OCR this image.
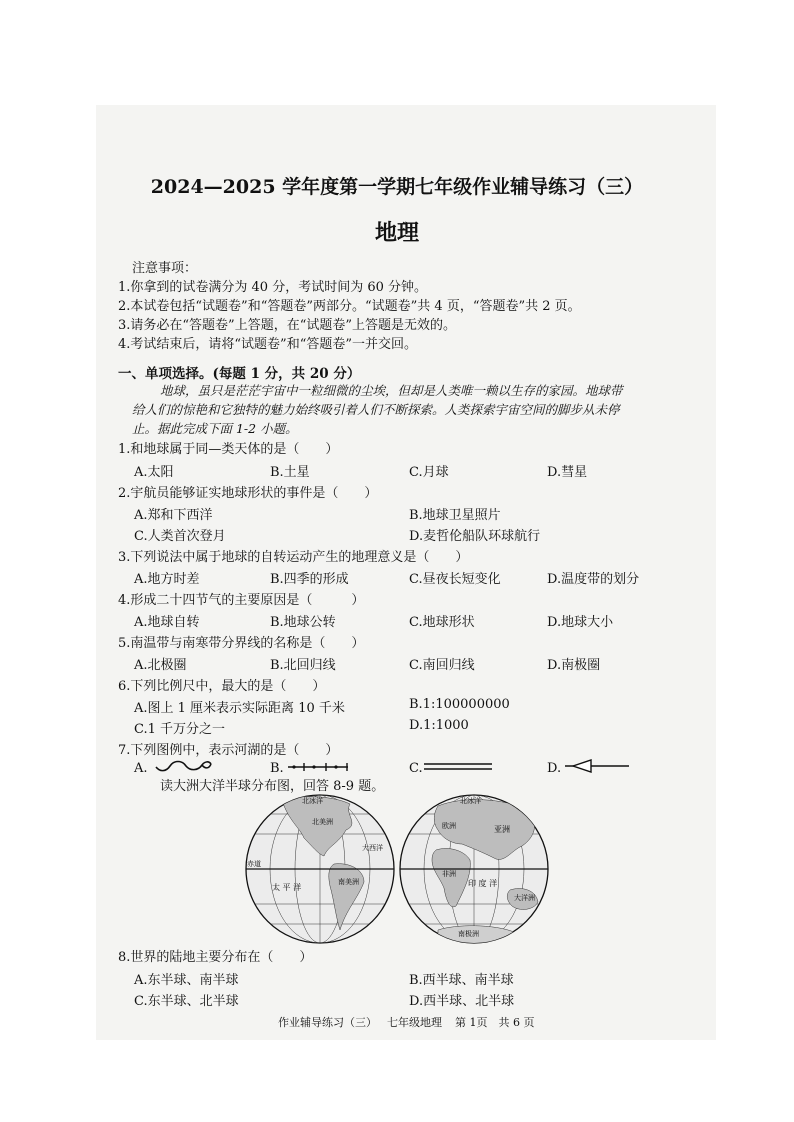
2024—2025 学年度第一学期七年级作业辅导练习（三）
地理
注意事项：
1.你拿到的试卷满分为 40 分，考试时间为 60 分钟。
2.本试卷包括“试题卷”和“答题卷”两部分。“试题卷”共 4 页，“答题卷”共 2 页。
3.请务必在“答题卷”上答题，在“试题卷”上答题是无效的。
4.考试结束后，请将“试题卷”和“答题卷”一并交回。
一、单项选择。(每题 1 分，共 20 分）
地球，虽只是茫茫宇宙中一粒细微的尘埃，但却是人类唯一赖以生存的家园。地球带
给人们的惊艳和它独特的魅力始终吸引着人们不断探索。人类探索宇宙空间的脚步从未停
止。据此完成下面 1-2 小题。
1.和地球属于同—类天体的是（　　）
A.太阳	B.土星	C.月球	D.彗星
2.宇航员能够证实地球形状的事件是（　　）
A.郑和下西洋	B.地球卫星照片
C.人类首次登月	D.麦哲伦船队环球航行
3.下列说法中属于地球的自转运动产生的地理意义是（　　）
A.地方时差	B.四季的形成	C.昼夜长短变化	D.温度带的划分
4.形成二十四节气的主要原因是（　　　）
A.地球自转	B.地球公转	C.地球形状	D.地球大小
5.南温带与南寒带分界线的名称是（　　）
A.北极圈	B.北回归线	C.南回归线	D.南极圈
6.下列比例尺中，最大的是（　　）
A.图上 1 厘米表示实际距离 10 千米	B.1:100000000
C.1 千万分之一	D.1:1000
7.下列图例中，表示河湖的是（　　）
A.	B.	C.	D.
读大洲大洋半球分布图，回答 8-9 题。
北冰洋
北美洲
南美洲
赤道
太 平 洋
大西洋
北冰洋
欧洲	亚洲
非洲
印 度 洋
大洋洲
南极洲
8.世界的陆地主要分布在（　　）
A.东半球、南半球	B.西半球、南半球
C.东半球、北半球	D.西半球、北半球
作业辅导练习（三） 七年级地理 第 1页　共 6 页
